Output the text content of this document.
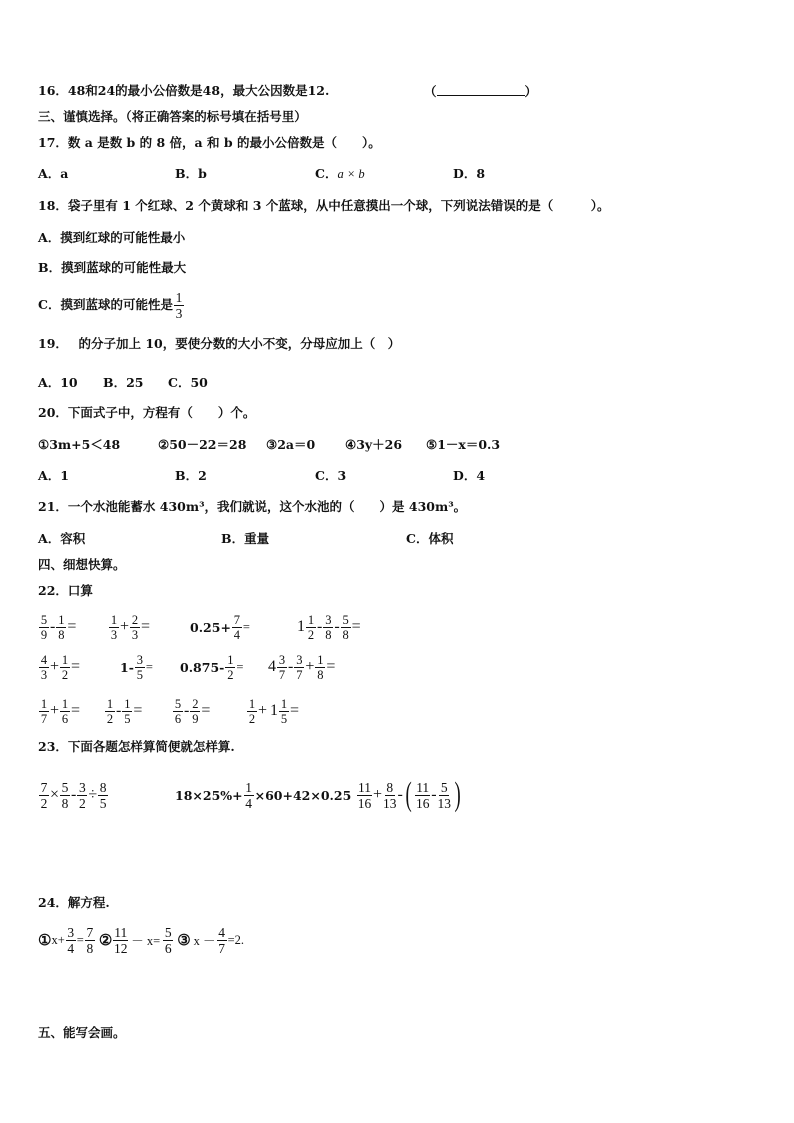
16．48和24的最小公倍数是48，最大公因数是12.	（	）
三、谨慎选择。（将正确答案的标号填在括号里）
17．数 a 是数 b 的 8 倍，a 和 b 的最小公倍数是（　　）。
A．a	B．b	C．a × b	D．8
18．袋子里有 1 个红球、2 个黄球和 3 个蓝球，从中任意摸出一个球，下列说法错误的是（　　　）。
A．摸到红球的可能性最小
B．摸到蓝球的可能性最大
C．摸到蓝球的可能性是 $\frac{1}{3}$
19．　 的分子加上 10，要使分数的大小不变，分母应加上（　）
A．10 B．25 C．50
20．下面式子中，方程有（　　）个。
①3m+5＜48	②50－22＝28 ③2a＝0 ④3y＋26 ⑤1－x＝0.3
A．1	B．2	C．3	D．4
21．一个水池能蓄水 430m³，我们就说，这个水池的（　　）是 430m³。
A．容积	B．重量	C．体积
四、细想快算。
22．口算
$\frac{5}{9} - \frac{1}{8}$ =	$\frac{1}{3} + \frac{2}{3}$ =	$0.25+ \frac{7}{4}$ =	$1 \frac{1}{2} - \frac{3}{8} - \frac{5}{8}$ =
$\frac{4}{3} + \frac{1}{2}$ =	$1- \frac{3}{5} = 0.875- \frac{1}{2} = 4 \frac{3}{7} - \frac{3}{7} + \frac{1}{8}$ =
$\frac{1}{7} + \frac{1}{6} = \frac{1}{2} - \frac{1}{5} = \frac{5}{6} - \frac{2}{9}$ =	$\frac{1}{2} + 1 \frac{1}{5}$ =
23．下面各题怎样算简便就怎样算.
$\frac{7}{2} \times \frac{5}{8} - \frac{3}{2} \div \frac{8}{5}$	$18\times 25\%+ \frac{1}{4} \times 60+42\times 0.25 \frac{11}{16} + \frac{8}{13}$ - ( $\frac{11}{16} - \frac{5}{13}$ )
24．解方程.
① $x+ \frac{3}{4} = \frac{7}{8}$ ② $\frac{11}{12} - x= \frac{5}{6}$ ③ $x - \frac{4}{7} =2$.
五、能写会画。
